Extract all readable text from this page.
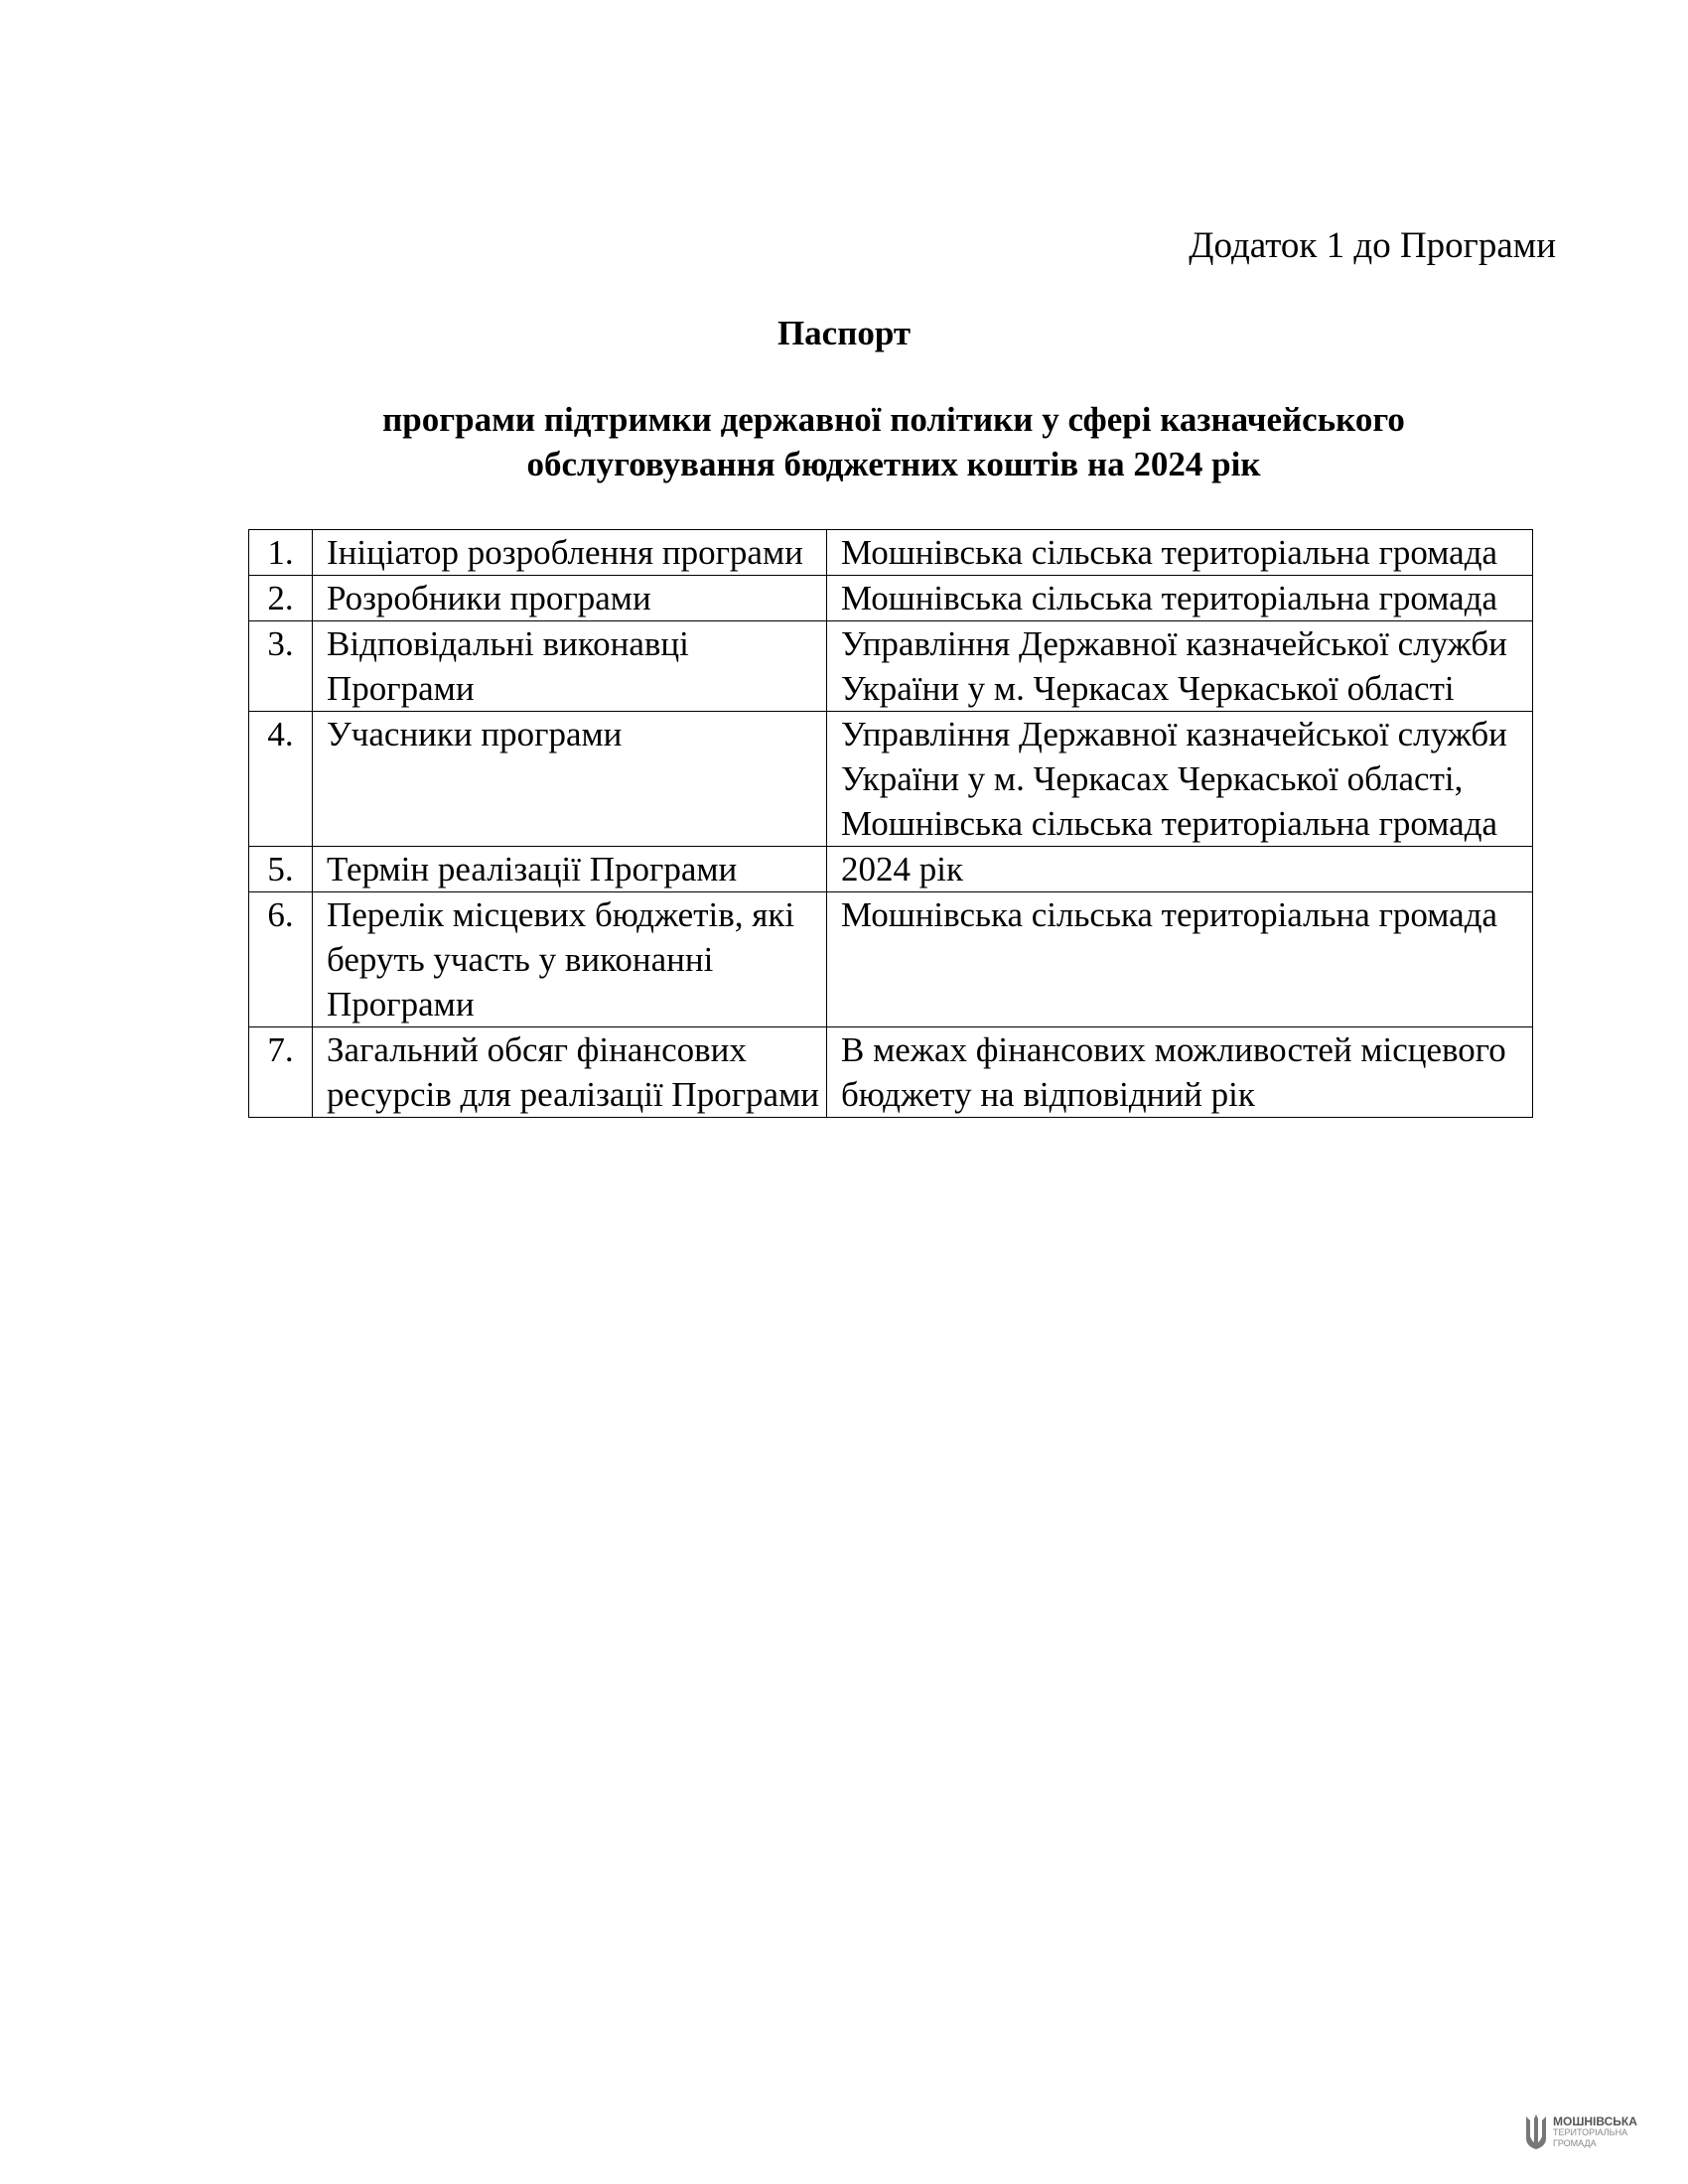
Додаток 1 до Програми
Паспорт
програми підтримки державної політики у сфері казначейського
обслуговування бюджетних коштів на 2024 рік
1.	Ініціатор розроблення програми	Мошнівська сільська територіальна громада
2.	Розробники програми	Мошнівська сільська територіальна громада
3.	Відповідальні виконавці Програми	Управління Державної казначейської служби України у м. Черкасах Черкаської області
4.	Учасники програми	Управління Державної казначейської служби України у м. Черкасах Черкаської області, Мошнівська сільська територіальна громада
5.	Термін реалізації Програми	2024 рік
6.	Перелік місцевих бюджетів, які беруть участь у виконанні Програми	Мошнівська сільська територіальна громада
7.	Загальний обсяг фінансових ресурсів для реалізації Програми	В межах фінансових можливостей місцевого бюджету на відповідний рік
МОШНІВСЬКА
ТЕРИТОРІАЛЬНА
ГРОМАДА
